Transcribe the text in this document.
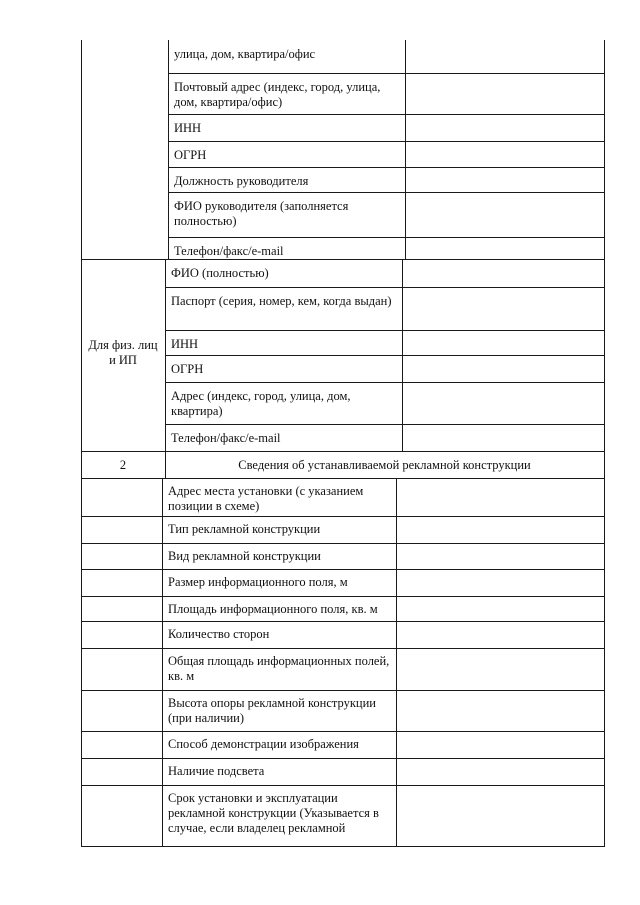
улица, дом, квартира/офис
Почтовый адрес (индекс, город, улица, дом, квартира/офис)
ИНН
ОГРН
Должность руководителя
ФИО руководителя (заполняется полностью)
Телефон/факс/e-mail
Для физ. лиц и ИП
ФИО (полностью)
Паспорт (серия, номер, кем, когда выдан)
ИНН
ОГРН
Адрес (индекс, город, улица, дом, квартира)
Телефон/факс/e-mail
2	Сведения об устанавливаемой рекламной конструкции
Адрес места установки (с указанием позиции в схеме)
Тип рекламной конструкции
Вид рекламной конструкции
Размер информационного поля, м
Площадь информационного поля, кв. м
Количество сторон
Общая площадь информационных полей, кв. м
Высота опоры рекламной конструкции (при наличии)
Способ демонстрации изображения
Наличие подсвета
Срок установки и эксплуатации рекламной конструкции (Указывается в случае, если владелец рекламной
